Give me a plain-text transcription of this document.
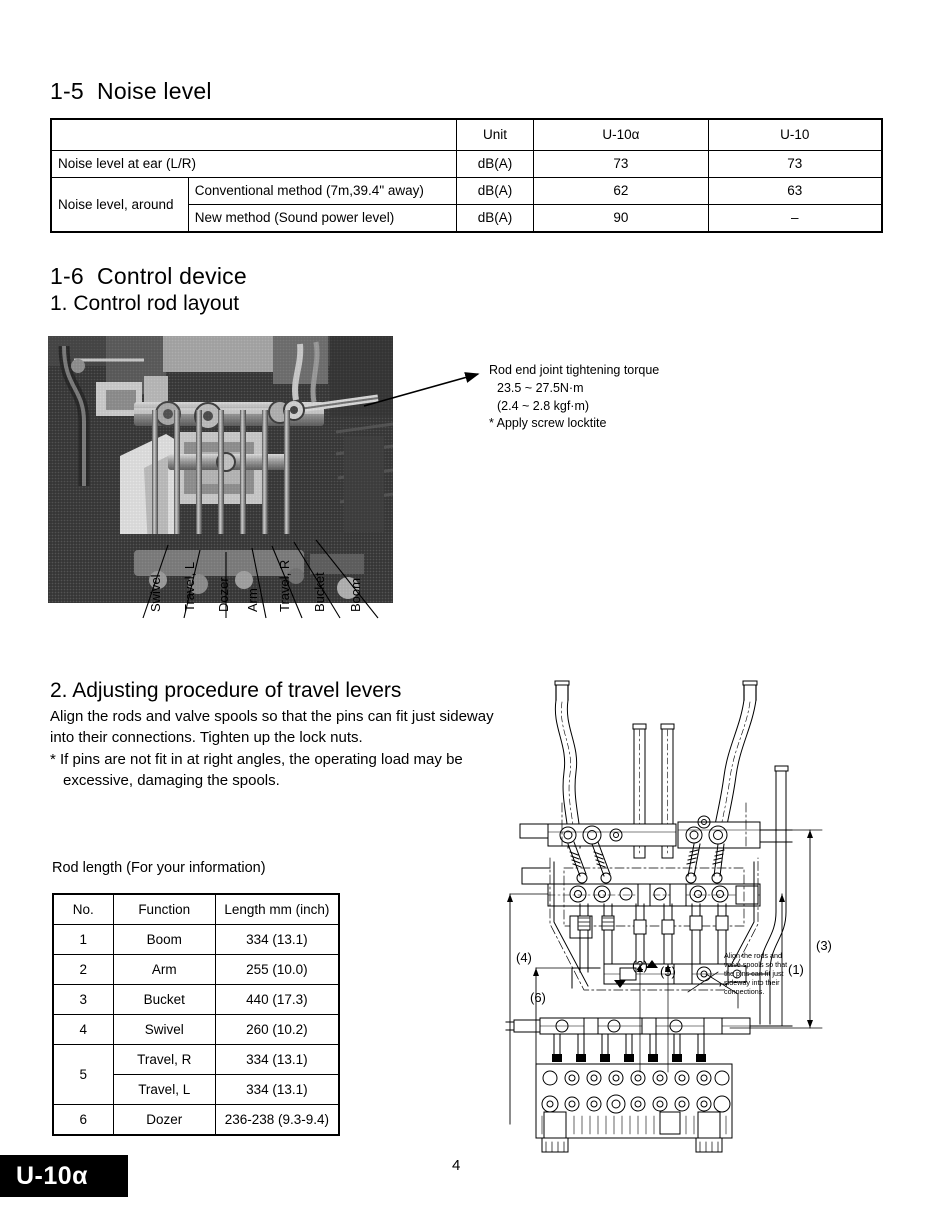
1-5 Noise level
		Unit	U-10α	U-10
Noise level at ear (L/R)		dB(A)	73	73
Noise level, around	Conventional method (7m,39.4" away)	dB(A)	62	63
	New method (Sound power level)	dB(A)	90	–
1-6 Control device
1. Control rod layout
Swivel Travel, L Dozer Arm Travel, R Bucket Boom
Rod end joint tightening torque
23.5 ~ 27.5N·m
(2.4 ~ 2.8 kgf·m)
* Apply screw locktite
2. Adjusting procedure of travel levers
Align the rods and valve spools so that the pins can fit just sideway into their connections. Tighten up the lock nuts.
* If pins are not fit in at right angles, the operating load may be excessive, damaging the spools.
Rod length (For your information)
No.	Function	Length mm (inch)
1	Boom	334 (13.1)
2	Arm	255 (10.0)
3	Bucket	440 (17.3)
4	Swivel	260 (10.2)
5	Travel, R	334 (13.1)
	Travel, L	334 (13.1)
6	Dozer	236-238 (9.3-9.4)
(4)
(6)
(2) (5)	(1)
(3)
Align the rods and
valve spools so that
the pins can fit just
sideway into their
connections.
U-10α	4
